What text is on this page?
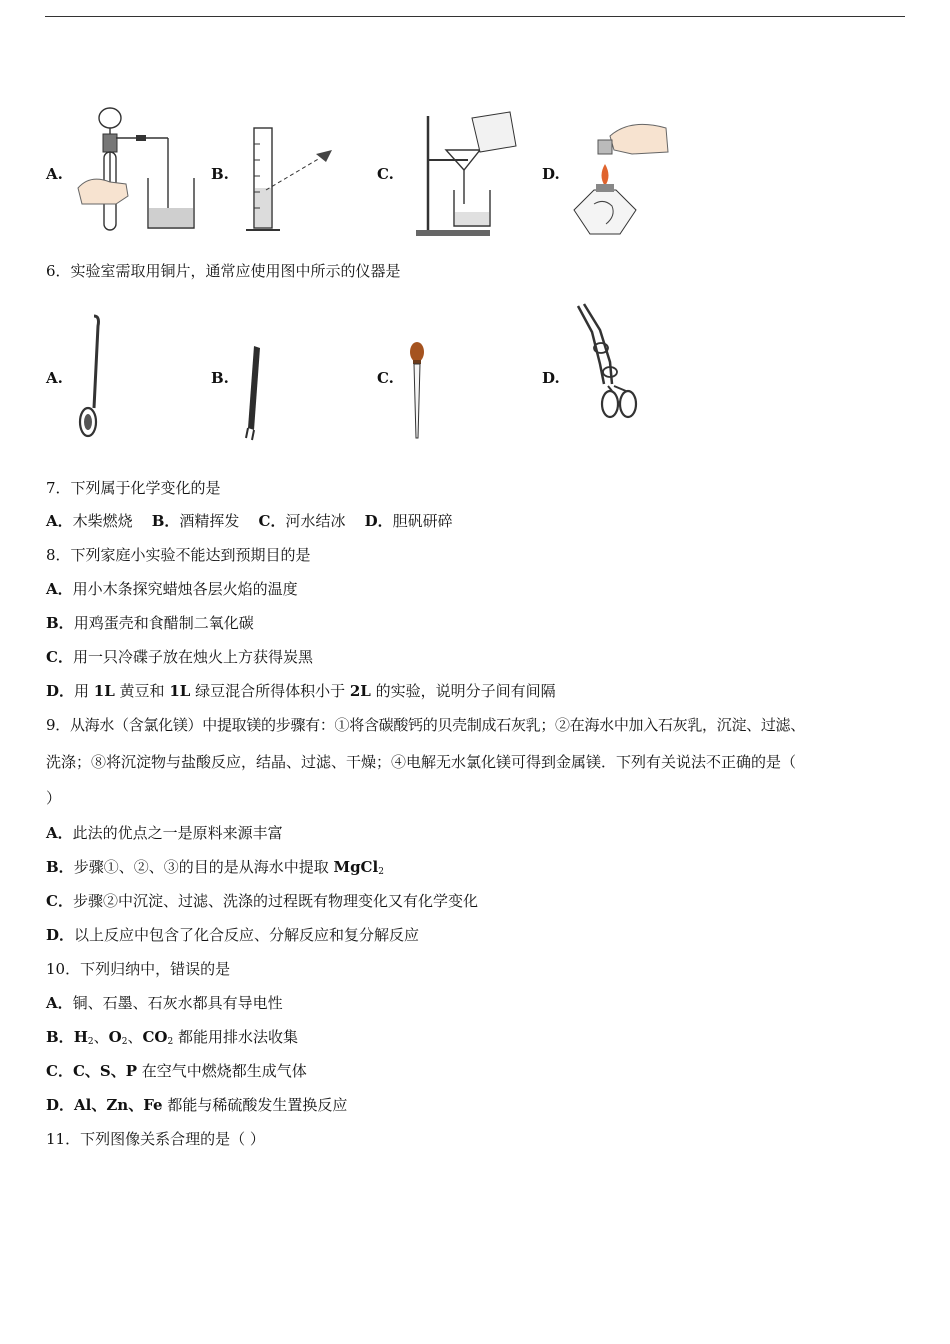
A.	B.	C.	D.
6．实验室需取用铜片，通常应使用图中所示的仪器是
A.	B.	C.	D.
7．下列属于化学变化的是
A．木柴燃烧 B．酒精挥发 C．河水结冰 D．胆矾研碎
8．下列家庭小实验不能达到预期目的是
A．用小木条探究蜡烛各层火焰的温度
B．用鸡蛋壳和食醋制二氧化碳
C．用一只冷碟子放在烛火上方获得炭黑
D．用 1L 黄豆和 1L 绿豆混合所得体积小于 2L 的实验，说明分子间有间隔
9．从海水（含氯化镁）中提取镁的步骤有：①将含碳酸钙的贝壳制成石灰乳；②在海水中加入石灰乳，沉淀、过滤、
洗涤；⑧将沉淀物与盐酸反应，结晶、过滤、干燥；④电解无水氯化镁可得到金属镁．下列有关说法不正确的是（
）
A．此法的优点之一是原料来源丰富
B．步骤①、②、③的目的是从海水中提取 MgCl$_2$
C．步骤②中沉淀、过滤、洗涤的过程既有物理变化又有化学变化
D．以上反应中包含了化合反应、分解反应和复分解反应
10．下列归纳中，错误的是
A．铜、石墨、石灰水都具有导电性
B．$H_2$、$O_2$、$CO_2$ 都能用排水法收集
C．C、S、P 在空气中燃烧都生成气体
D．Al、Zn、Fe 都能与稀硫酸发生置换反应
11．下列图像关系合理的是（ ）
